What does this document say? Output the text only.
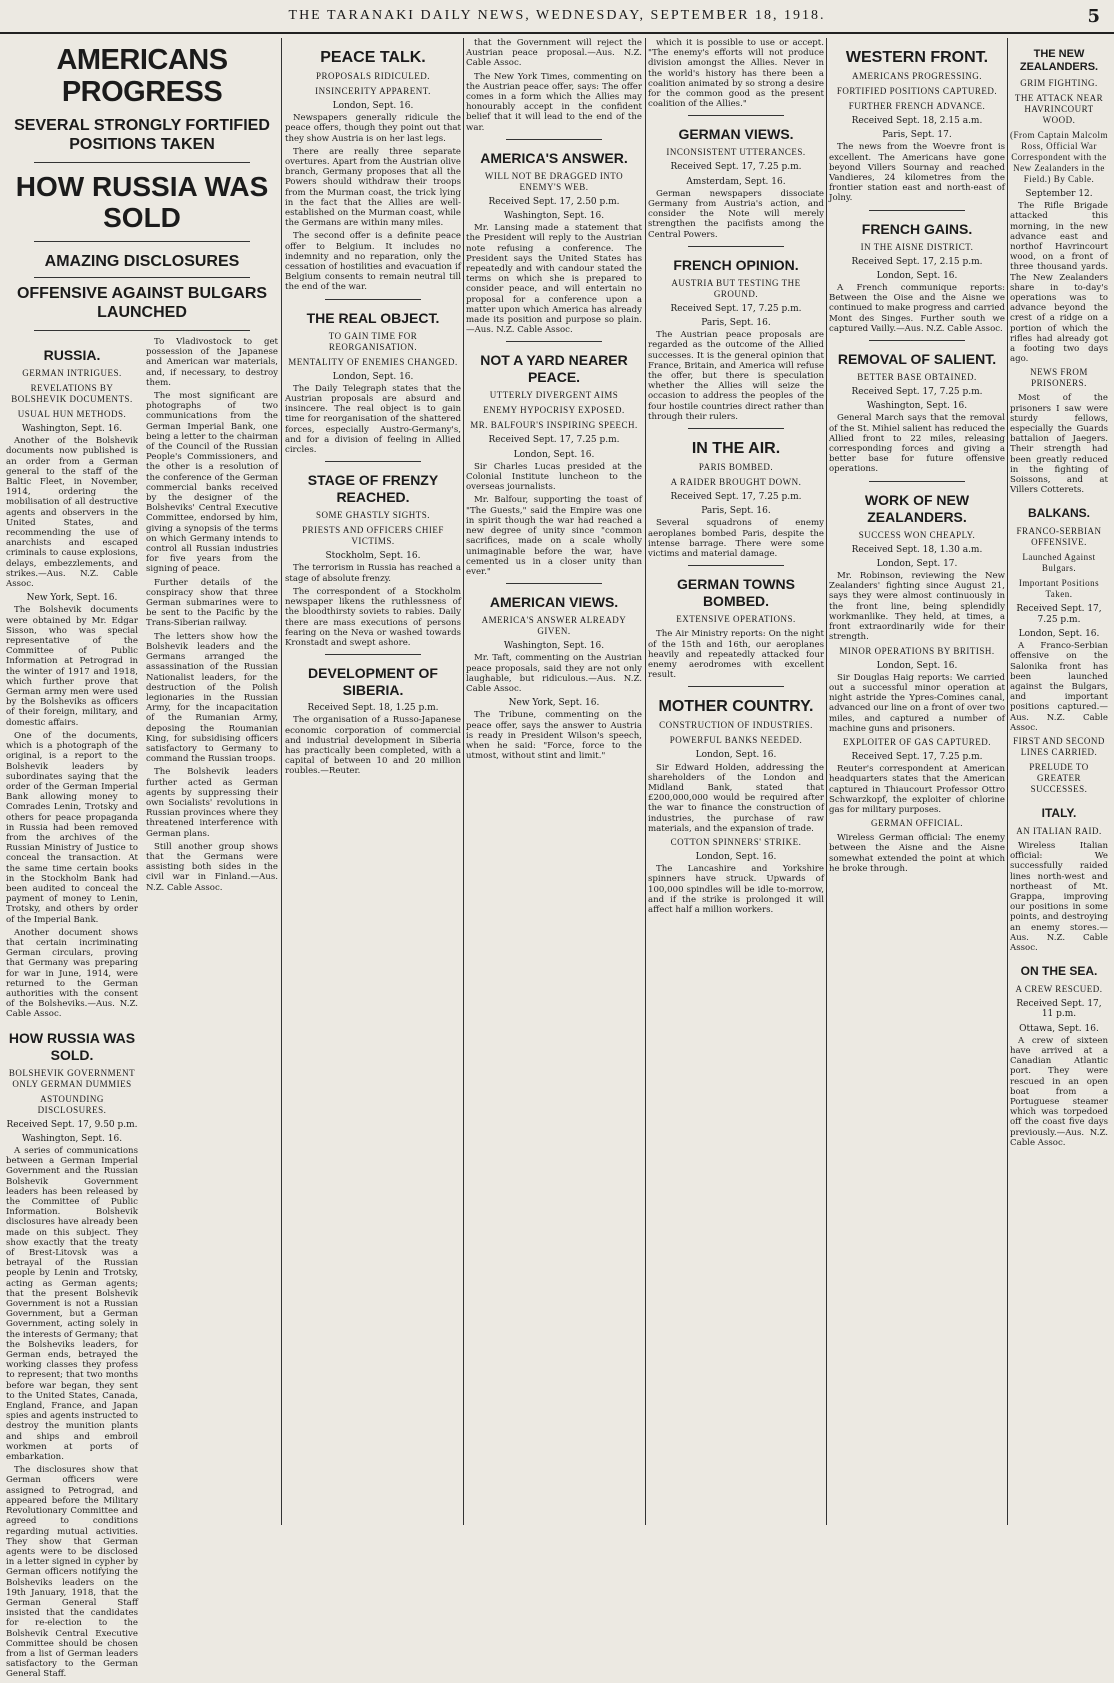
THE TARANAKI DAILY NEWS, WEDNESDAY, SEPTEMBER 18, 1918.	5
AMERICANS PROGRESS
SEVERAL STRONGLY FORTIFIED POSITIONS TAKEN
HOW RUSSIA WAS SOLD
AMAZING DISCLOSURES
OFFENSIVE AGAINST BULGARS LAUNCHED
RUSSIA.
GERMAN INTRIGUES.
REVELATIONS BY BOLSHEVIK DOCUMENTS.
USUAL HUN METHODS.
Washington, Sept. 16.

Another of the Bolshevik documents now published is an order from a German general to the staff of the Baltic Fleet, in November, 1914, ordering the mobilisation of all destructive agents and observers in the United States, and recommending the use of anarchists and escaped criminals to cause explosions, delays, embezzlements, and strikes.—Aus. N.Z. Cable Assoc.

New York, Sept. 16.

The Bolshevik documents were obtained by Mr. Edgar Sisson, who was special representative of the Committee of Public Information at Petrograd in the winter of 1917 and 1918, which further prove that German army men were used by the Bolsheviks as officers of their foreign, military, and domestic affairs.

One of the documents, which is a photograph of the original, is a report to the Bolshevik leaders by subordinates saying that the order of the German Imperial Bank allowing money to Comrades Lenin, Trotsky and others for peace propaganda in Russia had been removed from the archives of the Russian Ministry of Justice to conceal the transaction. At the same time certain books in the Stockholm Bank had been audited to conceal the payment of money to Lenin, Trotsky, and others by order of the Imperial Bank.

Another document shows that certain incriminating German circulars, proving that Germany was preparing for war in June, 1914, were returned to the German authorities with the consent of the Bolsheviks.—Aus. N.Z. Cable Assoc.

HOW RUSSIA WAS SOLD.
BOLSHEVIK GOVERNMENT ONLY GERMAN DUMMIES
ASTOUNDING DISCLOSURES.
Received Sept. 17, 9.50 p.m.
Washington, Sept. 16.

A series of communications between a German Imperial Government and the Russian Bolshevik Government leaders has been released by the Committee of Public Information. Bolshevik disclosures have already been made on this subject. They show exactly that the treaty of Brest-Litovsk was a betrayal of the Russian people by Lenin and Trotsky, acting as German agents; that the present Bolshevik Government is not a Russian Government, but a German Government, acting solely in the interests of Germany; that the Bolsheviks leaders, for German ends, betrayed the working classes they profess to represent; that two months before war began, they sent to the United States, Canada, England, France, and Japan spies and agents instructed to destroy the munition plants and ships and embroil workmen at ports of embarkation.

The disclosures show that German officers were assigned to Petrograd, and appeared before the Military Revolutionary Committee and agreed to conditions regarding mutual activities. They show that German agents were to be disclosed in a letter signed in cypher by German officers notifying the Bolsheviks leaders on the 19th January, 1918, that the German General Staff insisted that the candidates for re-election to the Bolshevik Central Executive Committee should be chosen from a list of German leaders satisfactory to the German General Staff.

To Vladivostock to get possession of the Japanese and American war materials, and, if necessary, to destroy them.

The most significant are photographs of two communications from the German Imperial Bank, one being a letter to the chairman of the Council of the Russian People's Commissioners, and the other is a resolution of the conference of the German commercial banks received by the designer of the Bolsheviks' Central Executive Committee, endorsed by him, giving a synopsis of the terms on which Germany intends to control all Russian industries for five years from the signing of peace.

Further details of the conspiracy show that three German submarines were to be sent to the Pacific by the Trans-Siberian railway.

The letters show how the Bolshevik leaders and the Germans arranged the assassination of the Russian Nationalist leaders, for the destruction of the Polish legionaries in the Russian Army, for the incapacitation of the Rumanian Army, deposing the Roumanian King, for subsidising officers satisfactory to Germany to command the Russian troops.

The Bolshevik leaders further acted as German agents by suppressing their own Socialists' revolutions in Russian provinces where they threatened interference with German plans.

Still another group shows that the Germans were assisting both sides in the civil war in Finland.—Aus. N.Z. Cable Assoc.

PEACE TALK.
PROPOSALS RIDICULED.
INSINCERITY APPARENT.
London, Sept. 16.

Newspapers generally ridicule the peace offers, though they point out that they show Austria is on her last legs.

There are really three separate overtures. Apart from the Austrian olive branch, Germany proposes that all the Powers should withdraw their troops from the Murman coast, the trick lying in the fact that the Allies are well-established on the Murman coast, while the Germans are within many miles.

The second offer is a definite peace offer to Belgium. It includes no indemnity and no reparation, only the cessation of hostilities and evacuation if Belgium consents to remain neutral till the end of the war.

THE REAL OBJECT.
TO GAIN TIME FOR REORGANISATION.
MENTALITY OF ENEMIES CHANGED.
London, Sept. 16.

The Daily Telegraph states that the Austrian proposals are absurd and insincere. The real object is to gain time for reorganisation of the shattered forces, especially Austro-Germany's, and for a division of feeling in Allied circles.

STAGE OF FRENZY REACHED.
SOME GHASTLY SIGHTS.
PRIESTS AND OFFICERS CHIEF VICTIMS.
Stockholm, Sept. 16.

The terrorism in Russia has reached a stage of absolute frenzy.

The correspondent of a Stockholm newspaper likens the ruthlessness of the bloodthirsty soviets to rabies. Daily there are mass executions of persons fearing on the Neva or washed towards Kronstadt and swept ashore.

DEVELOPMENT OF SIBERIA.
Received Sept. 18, 1.25 p.m.

The organisation of a Russo-Japanese economic corporation of commercial and industrial development in Siberia has practically been completed, with a capital of between 10 and 20 million roubles.—Reuter.

that the Government will reject the Austrian peace proposal.—Aus. N.Z. Cable Assoc.

The New York Times, commenting on the Austrian peace offer, says: The offer comes in a form which the Allies may honourably accept in the confident belief that it will lead to the end of the war.

AMERICA'S ANSWER.
WILL NOT BE DRAGGED INTO ENEMY'S WEB.
Received Sept. 17, 2.50 p.m.
Washington, Sept. 16.

Mr. Lansing made a statement that the President will reply to the Austrian note refusing a conference. The President says the United States has repeatedly and with candour stated the terms on which she is prepared to consider peace, and will entertain no proposal for a conference upon a matter upon which America has already made its position and purpose so plain.—Aus. N.Z. Cable Assoc.

NOT A YARD NEARER PEACE.
UTTERLY DIVERGENT AIMS
ENEMY HYPOCRISY EXPOSED.
MR. BALFOUR'S INSPIRING SPEECH.
Received Sept. 17, 7.25 p.m.
London, Sept. 16.

Sir Charles Lucas presided at the Colonial Institute luncheon to the overseas journalists.

Mr. Balfour, supporting the toast of "The Guests," said the Empire was one in spirit though the war had reached a new degree of unity since "common sacrifices, made on a scale wholly unimaginable before the war, have cemented us in a closer unity than ever."

AMERICAN VIEWS.
AMERICA'S ANSWER ALREADY GIVEN.
Washington, Sept. 16.

Mr. Taft, commenting on the Austrian peace proposals, said they are not only laughable, but ridiculous.—Aus. N.Z. Cable Assoc.

New York, Sept. 16.

The Tribune, commenting on the peace offer, says the answer to Austria is ready in President Wilson's speech, when he said: "Force, force to the utmost, without stint and limit."

which it is possible to use or accept. "The enemy's efforts will not produce division amongst the Allies. Never in the world's history has there been a coalition animated by so strong a desire for the common good as the present coalition of the Allies."

GERMAN VIEWS.
INCONSISTENT UTTERANCES.
Received Sept. 17, 7.25 p.m.
Amsterdam, Sept. 16.

German newspapers dissociate Germany from Austria's action, and consider the Note will merely strengthen the pacifists among the Central Powers.

FRENCH OPINION.
AUSTRIA BUT TESTING THE GROUND.
Received Sept. 17, 7.25 p.m.
Paris, Sept. 16.

The Austrian peace proposals are regarded as the outcome of the Allied successes. It is the general opinion that France, Britain, and America will refuse the offer, but there is speculation whether the Allies will seize the occasion to address the peoples of the four hostile countries direct rather than through their rulers.

IN THE AIR.
PARIS BOMBED.
A RAIDER BROUGHT DOWN.
Received Sept. 17, 7.25 p.m.
Paris, Sept. 16.

Several squadrons of enemy aeroplanes bombed Paris, despite the intense barrage. There were some victims and material damage.

GERMAN TOWNS BOMBED.
EXTENSIVE OPERATIONS.

The Air Ministry reports: On the night of the 15th and 16th, our aeroplanes heavily and repeatedly attacked four enemy aerodromes with excellent result.

MOTHER COUNTRY.
CONSTRUCTION OF INDUSTRIES.
POWERFUL BANKS NEEDED.
London, Sept. 16.

Sir Edward Holden, addressing the shareholders of the London and Midland Bank, stated that £200,000,000 would be required after the war to finance the construction of industries, the purchase of raw materials, and the expansion of trade.

COTTON SPINNERS' STRIKE.
London, Sept. 16.

The Lancashire and Yorkshire spinners have struck. Upwards of 100,000 spindles will be idle to-morrow, and if the strike is prolonged it will affect half a million workers.

WESTERN FRONT.
AMERICANS PROGRESSING.
FORTIFIED POSITIONS CAPTURED.
FURTHER FRENCH ADVANCE.
Received Sept. 18, 2.15 a.m.
Paris, Sept. 17.

The news from the Woevre front is excellent. The Americans have gone beyond Villers Sournay and reached Vandieres, 24 kilometres from the frontier station east and north-east of Jolny.

FRENCH GAINS.
IN THE AISNE DISTRICT.
Received Sept. 17, 2.15 p.m.
London, Sept. 16.

A French communique reports: Between the Oise and the Aisne we continued to make progress and carried Mont des Singes. Further south we captured Vailly.—Aus. N.Z. Cable Assoc.

REMOVAL OF SALIENT.
BETTER BASE OBTAINED.
Received Sept. 17, 7.25 p.m.
Washington, Sept. 16.

General March says that the removal of the St. Mihiel salient has reduced the Allied front to 22 miles, releasing corresponding forces and giving a better base for future offensive operations.

WORK OF NEW ZEALANDERS.
SUCCESS WON CHEAPLY.
Received Sept. 18, 1.30 a.m.
London, Sept. 17.

Mr. Robinson, reviewing the New Zealanders' fighting since August 21, says they were almost continuously in the front line, being splendidly workmanlike. They held, at times, a front extraordinarily wide for their strength.

MINOR OPERATIONS BY BRITISH.
London, Sept. 16.

Sir Douglas Haig reports: We carried out a successful minor operation at night astride the Ypres-Comines canal, advanced our line on a front of over two miles, and captured a number of machine guns and prisoners.

EXPLOITER OF GAS CAPTURED.
Received Sept. 17, 7.25 p.m.

Reuter's correspondent at American headquarters states that the American captured in Thiaucourt Professor Ottro Schwarzkopf, the exploiter of chlorine gas for military purposes.

GERMAN OFFICIAL.

Wireless German official: The enemy between the Aisne and the Aisne somewhat extended the point at which he broke through.

THE NEW ZEALANDERS.
GRIM FIGHTING.
THE ATTACK NEAR HAVRINCOURT WOOD.
(From Captain Malcolm Ross, Official War Correspondent with the New Zealanders in the Field.) By Cable.
September 12.

The Rifle Brigade attacked this morning, in the new advance east and northof Havrincourt wood, on a front of three thousand yards. The New Zealanders share in to-day's operations was to advance beyond the crest of a ridge on a portion of which the rifles had already got a footing two days ago.

NEWS FROM PRISONERS.

Most of the prisoners I saw were sturdy fellows, especially the Guards battalion of Jaegers. Their strength had been greatly reduced in the fighting of Soissons, and at Villers Cotterets.

BALKANS.
FRANCO-SERBIAN OFFENSIVE.
Launched Against Bulgars.
Important Positions Taken.
Received Sept. 17, 7.25 p.m.
London, Sept. 16.

A Franco-Serbian offensive on the Salonika front has been launched against the Bulgars, and important positions captured.—Aus. N.Z. Cable Assoc.

FIRST AND SECOND LINES CARRIED.
PRELUDE TO GREATER SUCCESSES.
ITALY.
AN ITALIAN RAID.

Wireless Italian official: We successfully raided lines north-west and northeast of Mt. Grappa, improving our positions in some points, and destroying an enemy stores.—Aus. N.Z. Cable Assoc.

ON THE SEA.
A CREW RESCUED.
Received Sept. 17, 11 p.m.
Ottawa, Sept. 16.

A crew of sixteen have arrived at a Canadian Atlantic port. They were rescued in an open boat from a Portuguese steamer which was torpedoed off the coast five days previously.—Aus. N.Z. Cable Assoc.
